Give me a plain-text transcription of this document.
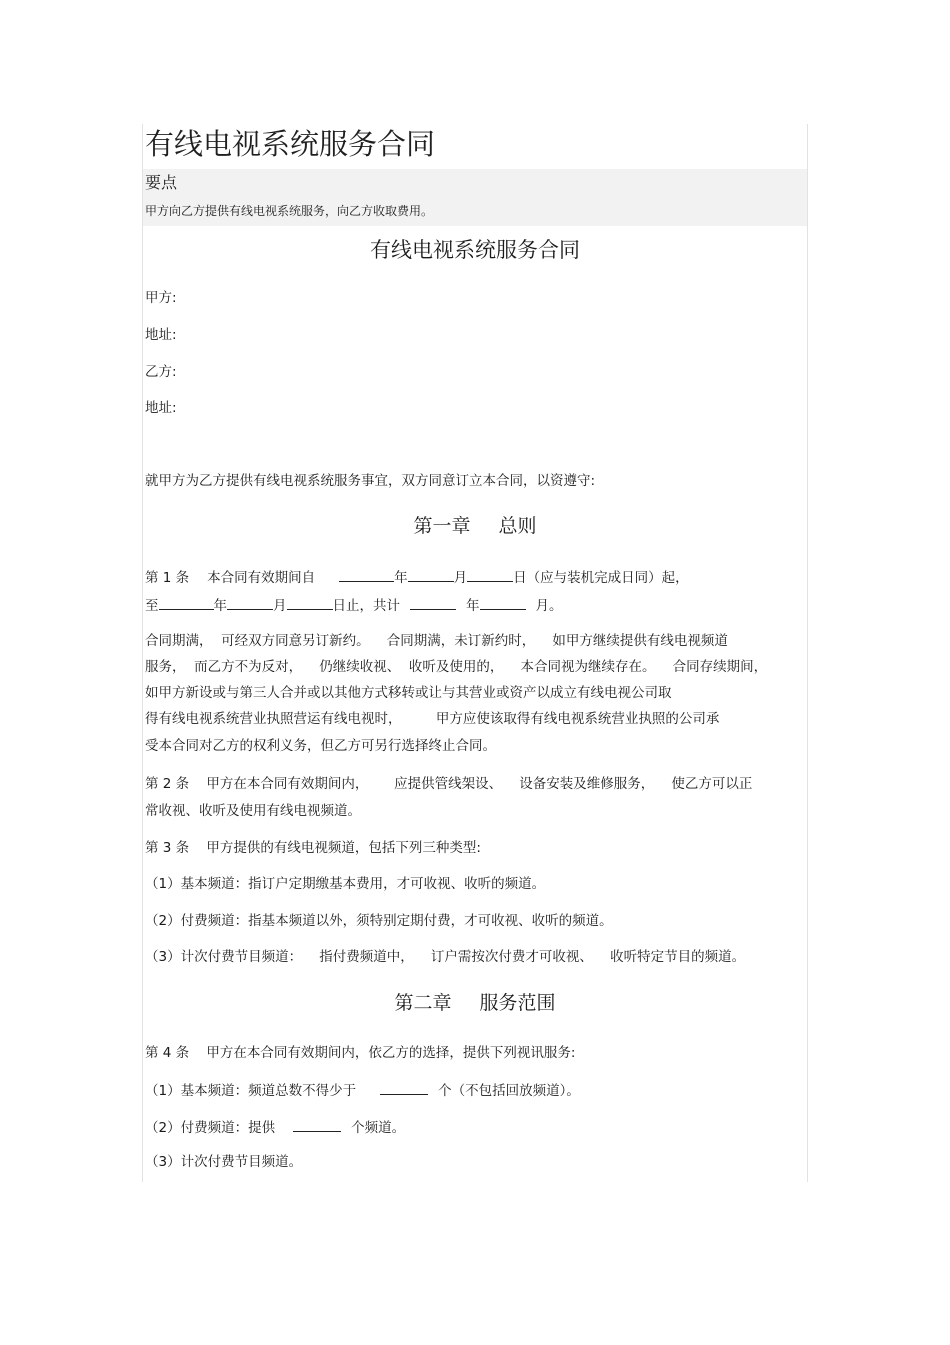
有线电视系统服务合同
要点
甲方向乙方提供有线电视系统服务，向乙方收取费用。
有线电视系统服务合同
甲方:
地址:
乙方:
地址:
就甲方为乙方提供有线电视系统服务事宜，双方同意订立本合同，以资遵守:
第一章 总则
第 1 条 本合同有效期间自	年	月	日（应与装机完成日同）起，
至	年	月	日止，共计	年	月。
合同期满，  可经双方同意另订新约。    合同期满，未订新约时，    如甲方继续提供有线电视频道
服务，  而乙方不为反对，    仍继续收视、  收听及使用的，    本合同视为继续存在。    合同存续期间，
如甲方新设或与第三人合并或以其他方式移转或让与其营业或资产以成立有线电视公司取
得有线电视系统营业执照营运有线电视时，        甲方应使该取得有线电视系统营业执照的公司承
受本合同对乙方的权利义务，但乙方可另行选择终止合同。
第 2 条    甲方在本合同有效期间内，      应提供管线架设、    设备安装及维修服务，    使乙方可以正
常收视、收听及使用有线电视频道。
第 3 条    甲方提供的有线电视频道，包括下列三种类型:
（1）基本频道：指订户定期缴基本费用，才可收视、收听的频道。
（2）付费频道：指基本频道以外，须特别定期付费，才可收视、收听的频道。
（3）计次付费节目频道：    指付费频道中，    订户需按次付费才可收视、    收听特定节目的频道。
第二章 服务范围
第 4 条    甲方在本合同有效期间内，依乙方的选择，提供下列视讯服务:
（1）基本频道：频道总数不得少于	个（不包括回放频道）。
（2）付费频道：提供	个频道。
（3）计次付费节目频道。
